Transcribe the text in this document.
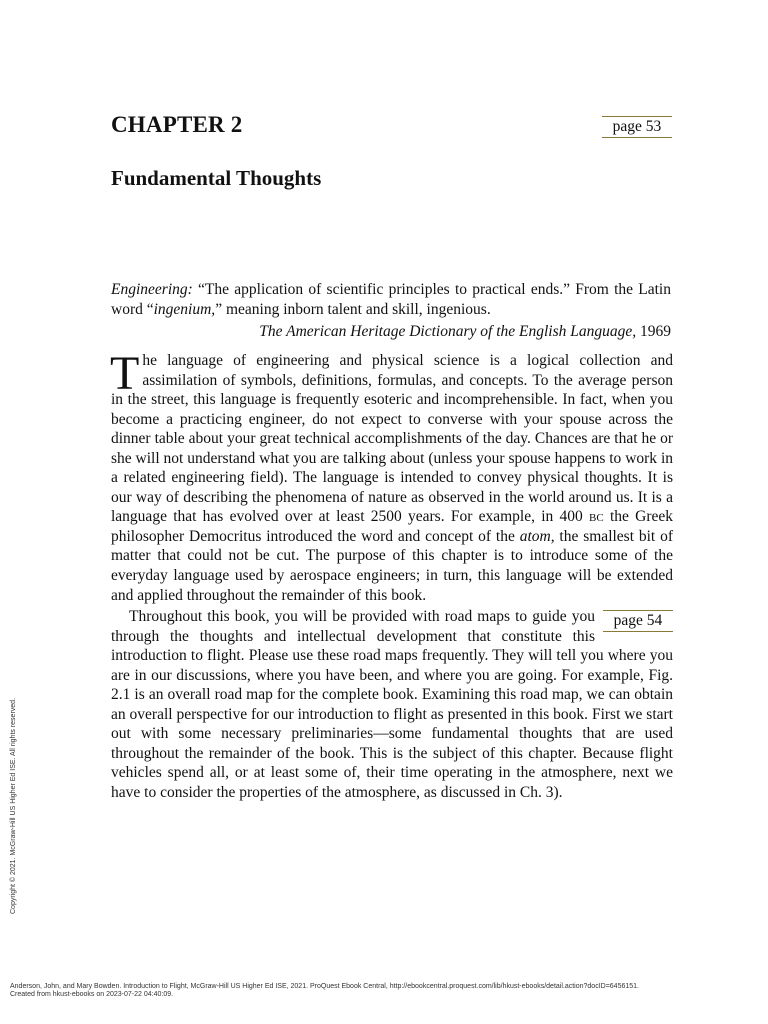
CHAPTER 2	page 53
Fundamental Thoughts
Engineering: “The application of scientific principles to practical ends.” From the Latin word “ingenium,” meaning inborn talent and skill, ingenious.
The American Heritage Dictionary of the English Language, 1969

The language of engineering and physical science is a logical collection and assimilation of symbols, definitions, formulas, and concepts. To the average person in the street, this language is frequently esoteric and incomprehensible. In fact, when you become a practicing engineer, do not expect to converse with your spouse across the dinner table about your great technical accomplishments of the day. Chances are that he or she will not understand what you are talking about (unless your spouse happens to work in a related engineering field). The language is intended to convey physical thoughts. It is our way of describing the phenomena of nature as observed in the world around us. It is a language that has evolved over at least 2500 years. For example, in 400 bc the Greek philosopher Democritus introduced the word and concept of the atom, the smallest bit of matter that could not be cut. The purpose of this chapter is to introduce some of the everyday language used by aerospace engineers; in turn, this language will be extended and applied throughout the remainder of this book.

page 54
Throughout this book, you will be provided with road maps to guide you through the thoughts and intellectual development that constitute this introduction to flight. Please use these road maps frequently. They will tell you where you are in our discussions, where you have been, and where you are going. For example, Fig. 2.1 is an overall road map for the complete book. Examining this road map, we can obtain an overall perspective for our introduction to flight as presented in this book. First we start out with some necessary preliminaries—some fundamental thoughts that are used throughout the remainder of the book. This is the subject of this chapter. Because flight vehicles spend all, or at least some of, their time operating in the atmosphere, next we have to consider the properties of the atmosphere, as discussed in Ch. 3).

Copyright © 2021. McGraw-Hill US Higher Ed ISE. All rights reserved.
Anderson, John, and Mary Bowden. Introduction to Flight, McGraw-Hill US Higher Ed ISE, 2021. ProQuest Ebook Central, http://ebookcentral.proquest.com/lib/hkust-ebooks/detail.action?docID=6456151.
Created from hkust-ebooks on 2023-07-22 04:40:09.
